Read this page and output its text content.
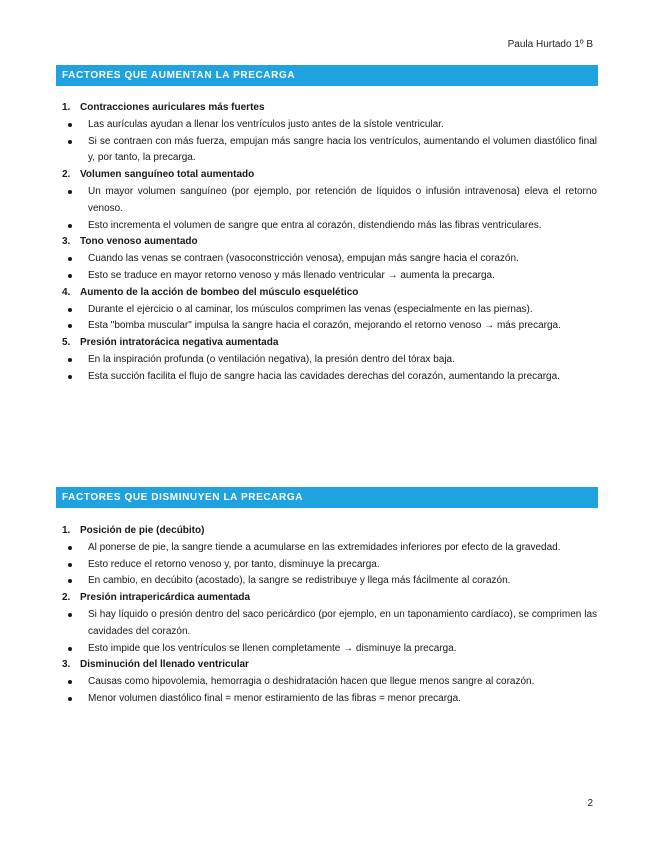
Paula Hurtado 1º B
FACTORES QUE AUMENTAN LA PRECARGA
1. Contracciones auriculares más fuertes
Las aurículas ayudan a llenar los ventrículos justo antes de la sístole ventricular.
Si se contraen con más fuerza, empujan más sangre hacia los ventrículos, aumentando el volumen diastólico final y, por tanto, la precarga.
2. Volumen sanguíneo total aumentado
Un mayor volumen sanguíneo (por ejemplo, por retención de líquidos o infusión intravenosa) eleva el retorno venoso.
Esto incrementa el volumen de sangre que entra al corazón, distendiendo más las fibras ventriculares.
3. Tono venoso aumentado
Cuando las venas se contraen (vasoconstricción venosa), empujan más sangre hacia el corazón.
Esto se traduce en mayor retorno venoso y más llenado ventricular → aumenta la precarga.
4. Aumento de la acción de bombeo del músculo esquelético
Durante el ejercicio o al caminar, los músculos comprimen las venas (especialmente en las piernas).
Esta "bomba muscular" impulsa la sangre hacia el corazón, mejorando el retorno venoso → más precarga.
5. Presión intratorácica negativa aumentada
En la inspiración profunda (o ventilación negativa), la presión dentro del tórax baja.
Esta succión facilita el flujo de sangre hacia las cavidades derechas del corazón, aumentando la precarga.
FACTORES QUE DISMINUYEN LA PRECARGA
1. Posición de pie (decúbito)
Al ponerse de pie, la sangre tiende a acumularse en las extremidades inferiores por efecto de la gravedad.
Esto reduce el retorno venoso y, por tanto, disminuye la precarga.
En cambio, en decúbito (acostado), la sangre se redistribuye y llega más fácilmente al corazón.
2. Presión intrapericárdica aumentada
Si hay líquido o presión dentro del saco pericárdico (por ejemplo, en un taponamiento cardíaco), se comprimen las cavidades del corazón.
Esto impide que los ventrículos se llenen completamente → disminuye la precarga.
3. Disminución del llenado ventricular
Causas como hipovolemia, hemorragia o deshidratación hacen que llegue menos sangre al corazón.
Menor volumen diastólico final = menor estiramiento de las fibras = menor precarga.
2
